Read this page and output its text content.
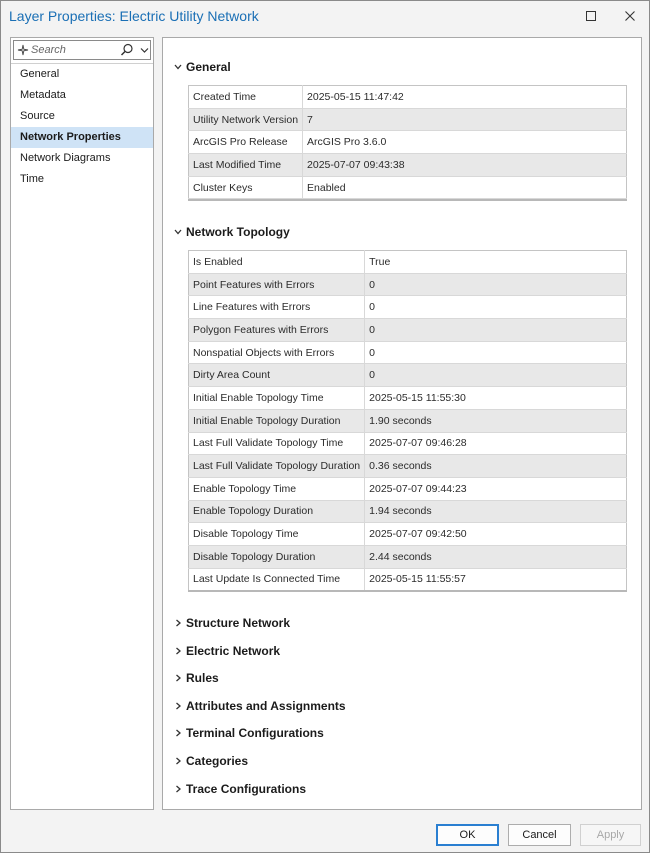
Layer Properties: Electric Utility Network
Search
General
Metadata
Source
Network Properties
Network Diagrams
Time
General
Created Time	2025-05-15 11:47:42
Utility Network Version	7
ArcGIS Pro Release	ArcGIS Pro 3.6.0
Last Modified Time	2025-07-07 09:43:38
Cluster Keys	Enabled
Network Topology
Is Enabled	True
Point Features with Errors	0
Line Features with Errors	0
Polygon Features with Errors	0
Nonspatial Objects with Errors	0
Dirty Area Count	0
Initial Enable Topology Time	2025-05-15 11:55:30
Initial Enable Topology Duration	1.90 seconds
Last Full Validate Topology Time	2025-07-07 09:46:28
Last Full Validate Topology Duration	0.36 seconds
Enable Topology Time	2025-07-07 09:44:23
Enable Topology Duration	1.94 seconds
Disable Topology Time	2025-07-07 09:42:50
Disable Topology Duration	2.44 seconds
Last Update Is Connected Time	2025-05-15 11:55:57
Structure Network
Electric Network
Rules
Attributes and Assignments
Terminal Configurations
Categories
Trace Configurations
OK	Cancel	Apply
